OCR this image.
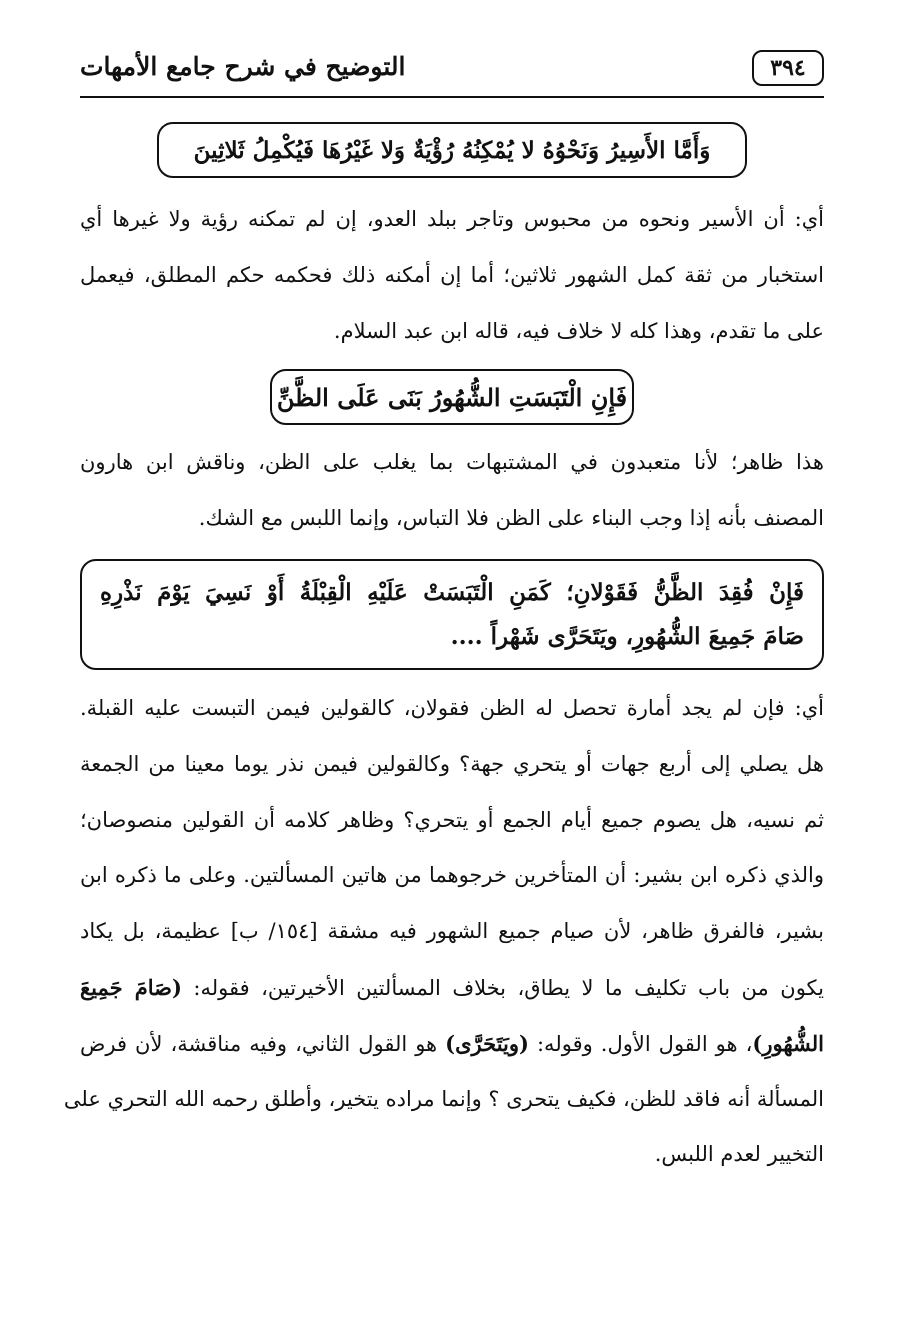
٣٩٤
التوضيح في شرح جامع الأمهات
وَأَمَّا الأَسِيرُ وَنَحْوُهُ لا يُمْكِنُهُ رُؤْيَةٌ وَلا غَيْرُهَا فَيُكْمِلُ ثَلاثِينَ
أي: أن الأسير ونحوه من محبوس وتاجر ببلد العدو، إن لم تمكنه رؤية ولا غيرها أي
استخبار من ثقة كمل الشهور ثلاثين؛ أما إن أمكنه ذلك فحكمه حكم المطلق، فيعمل
على ما تقدم، وهذا كله لا خلاف فيه، قاله ابن عبد السلام.
فَإِنِ الْتَبَسَتِ الشُّهُورُ بَنَى عَلَى الظَّنِّ
هذا ظاهر؛ لأنا متعبدون في المشتبهات بما يغلب على الظن، وناقش ابن هارون
المصنف بأنه إذا وجب البناء على الظن فلا التباس، وإنما اللبس مع الشك.
فَإِنْ فُقِدَ الظَّنُّ فَقَوْلانِ؛ كَمَنِ الْتَبَسَتْ عَلَيْهِ الْقِبْلَةُ أَوْ نَسِيَ يَوْمَ نَذْرِهِ
صَامَ جَمِيعَ الشُّهُورِ، ويَتَحَرَّى شَهْراً ....
أي: فإن لم يجد أمارة تحصل له الظن فقولان، كالقولين فيمن التبست عليه القبلة.
هل يصلي إلى أربع جهات أو يتحري جهة؟ وكالقولين فيمن نذر يوما معينا من الجمعة
ثم نسيه، هل يصوم جميع أيام الجمع أو يتحري؟ وظاهر كلامه أن القولين منصوصان؛
والذي ذكره ابن بشير: أن المتأخرين خرجوهما من هاتين المسألتين. وعلى ما ذكره ابن
بشير، فالفرق ظاهر، لأن صيام جميع الشهور فيه مشقة [١٥٤/ ب] عظيمة، بل يكاد
يكون من باب تكليف ما لا يطاق، بخلاف المسألتين الأخيرتين، فقوله: (صَامَ جَمِيعَ
الشُّهُورِ)، هو القول الأول. وقوله: (ويَتَحَرَّى) هو القول الثاني، وفيه مناقشة، لأن فرض
المسألة أنه فاقد للظن، فكيف يتحرى ؟ وإنما مراده يتخير، وأطلق رحمه الله التحري على
التخيير لعدم اللبس.
